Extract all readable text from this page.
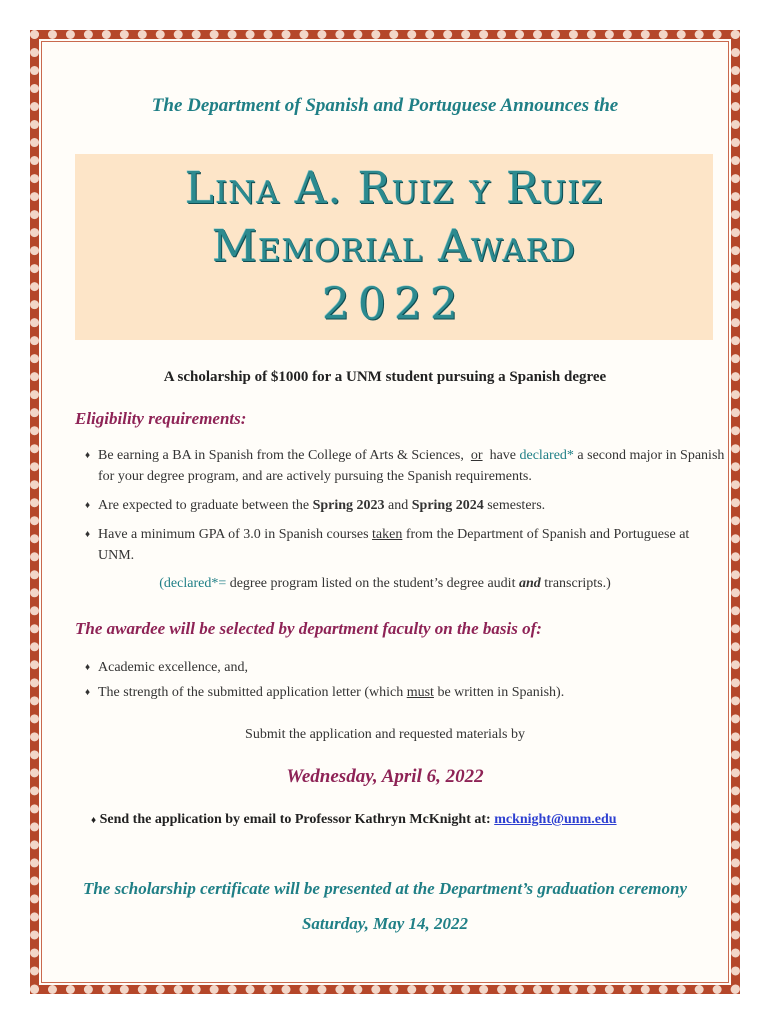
The Department of Spanish and Portuguese Announces the
Lina A. Ruiz y Ruiz
Memorial Award
2022
A scholarship of $1000 for a UNM student pursuing a Spanish degree
Eligibility requirements:
♦ Be earning a BA in Spanish from the College of Arts & Sciences, or have declared* a second major in Spanish for your degree program, and are actively pursuing the Spanish requirements.
♦ Are expected to graduate between the Spring 2023 and Spring 2024 semesters.
♦ Have a minimum GPA of 3.0 in Spanish courses taken from the Department of Spanish and Portuguese at UNM.
(declared*= degree program listed on the student’s degree audit and transcripts.)
The awardee will be selected by department faculty on the basis of:
♦ Academic excellence, and,
♦ The strength of the submitted application letter (which must be written in Spanish).
Submit the application and requested materials by
Wednesday, April 6, 2022
♦ Send the application by email to Professor Kathryn McKnight at: mcknight@unm.edu
The scholarship certificate will be presented at the Department’s graduation ceremony
Saturday, May 14, 2022
